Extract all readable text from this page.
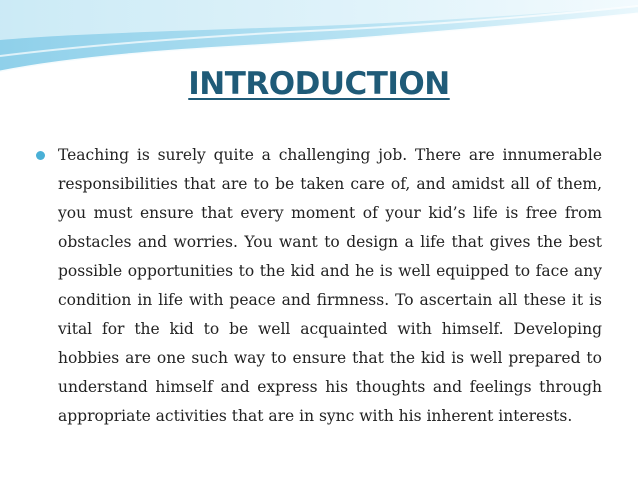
INTRODUCTION

Teaching is surely quite a challenging job. There are innumerable responsibilities that are to be taken care of, and amidst all of them, you must ensure that every moment of your kid’s life is free from obstacles and worries. You want to design a life that gives the best possible opportunities to the kid and he is well equipped to face any condition in life with peace and firmness. To ascertain all these it is vital for the kid to be well acquainted with himself. Developing hobbies are one such way to ensure that the kid is well prepared to understand himself and express his thoughts and feelings through appropriate activities that are in sync with his inherent interests.
